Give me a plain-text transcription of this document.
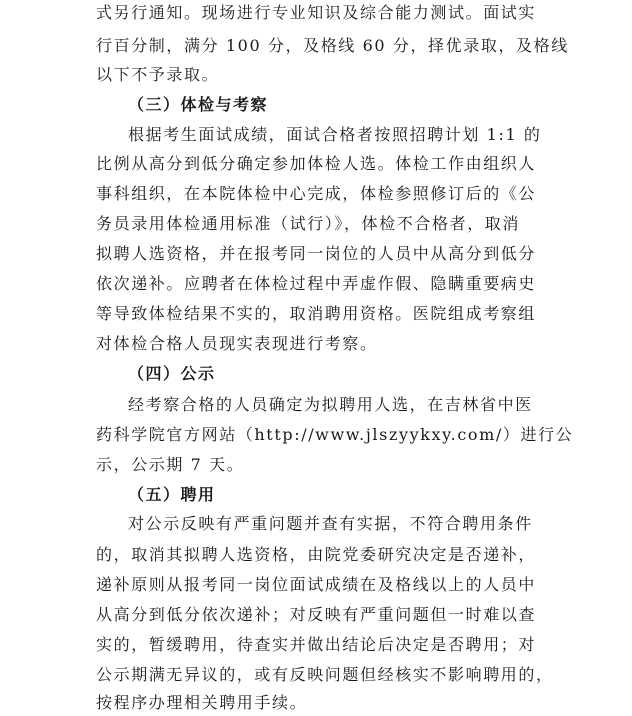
式另行通知。现场进行专业知识及综合能力测试。面试实
行百分制，满分 100 分，及格线 60 分，择优录取，及格线
以下不予录取。
（三）体检与考察
根据考生面试成绩，面试合格者按照招聘计划 1:1 的
比例从高分到低分确定参加体检人选。体检工作由组织人
事科组织，在本院体检中心完成，体检参照修订后的《公
务员录用体检通用标准（试行）》，体检不合格者，取消
拟聘人选资格，并在报考同一岗位的人员中从高分到低分
依次递补。应聘者在体检过程中弄虚作假、隐瞒重要病史
等导致体检结果不实的，取消聘用资格。医院组成考察组
对体检合格人员现实表现进行考察。
（四）公示
经考察合格的人员确定为拟聘用人选，在吉林省中医
药科学院官方网站（http://www.jlszyykxy.com/）进行公
示，公示期 7 天。
（五）聘用
对公示反映有严重问题并查有实据，不符合聘用条件
的，取消其拟聘人选资格，由院党委研究决定是否递补，
递补原则从报考同一岗位面试成绩在及格线以上的人员中
从高分到低分依次递补；对反映有严重问题但一时难以查
实的，暂缓聘用，待查实并做出结论后决定是否聘用；对
公示期满无异议的，或有反映问题但经核实不影响聘用的，
按程序办理相关聘用手续。
